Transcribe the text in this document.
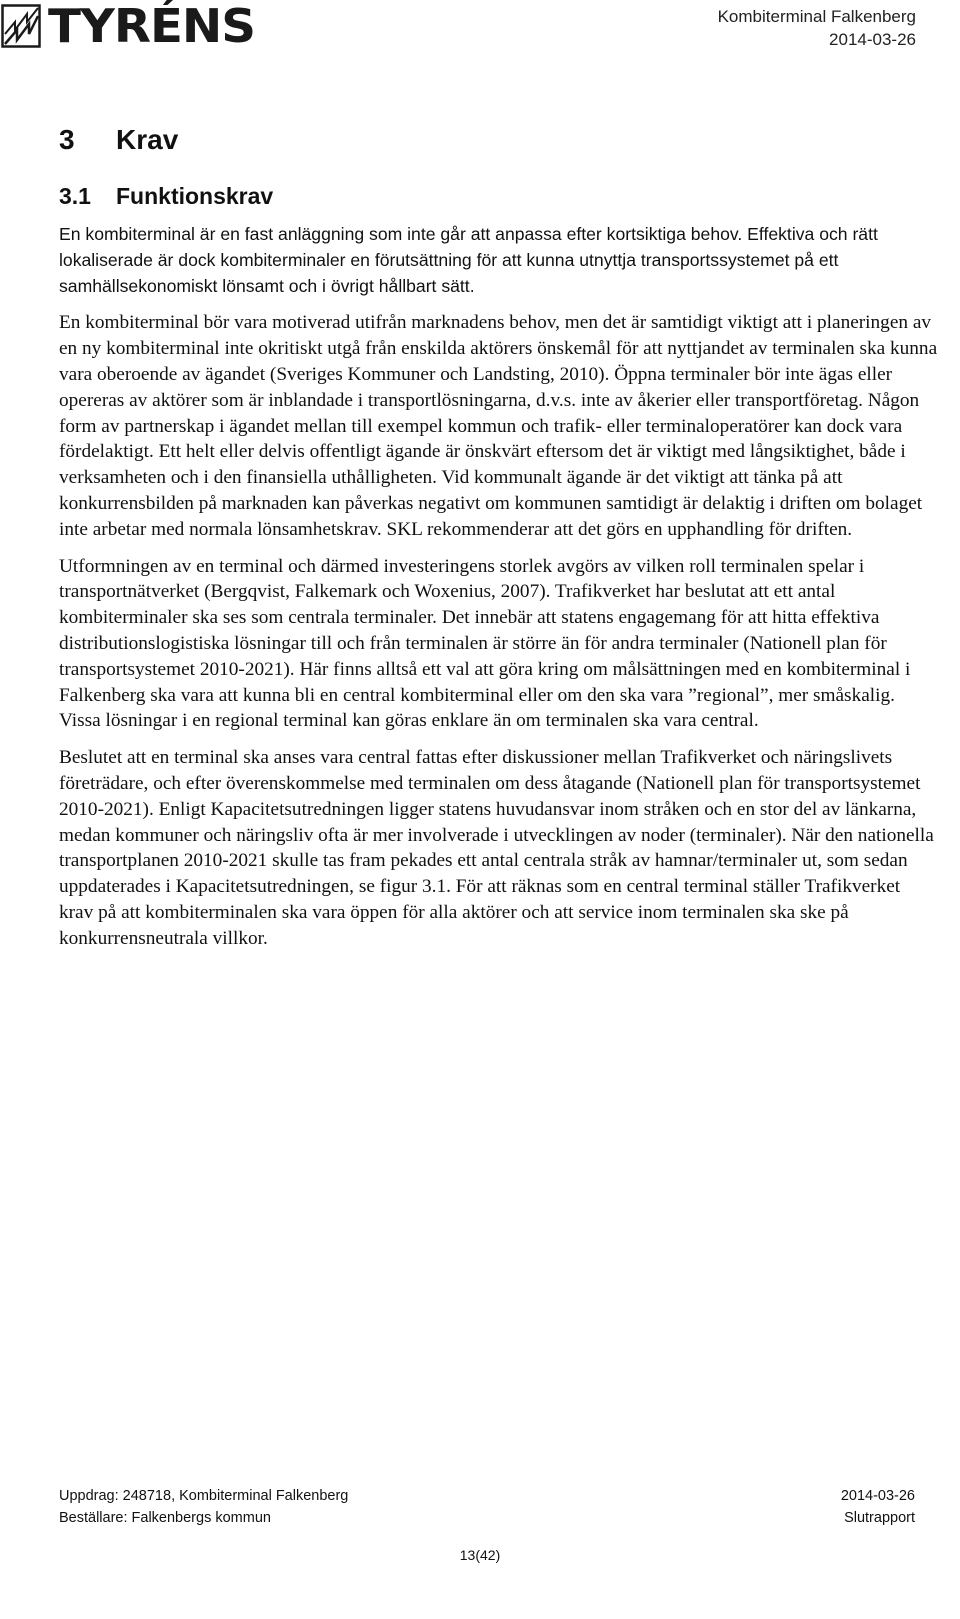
TYRÉNS	Kombiterminal Falkenberg
2014-03-26
3	Krav
3.1	Funktionskrav

En kombiterminal är en fast anläggning som inte går att anpassa efter kortsiktiga behov. Effektiva och rätt lokaliserade är dock kombiterminaler en förutsättning för att kunna utnyttja transportssystemet på ett samhällsekonomiskt lönsamt och i övrigt hållbart sätt.

En kombiterminal bör vara motiverad utifrån marknadens behov, men det är samtidigt viktigt att i planeringen av en ny kombiterminal inte okritiskt utgå från enskilda aktörers önskemål för att nyttjandet av terminalen ska kunna vara oberoende av ägandet (Sveriges Kommuner och Landsting, 2010). Öppna terminaler bör inte ägas eller opereras av aktörer som är inblandade i transportlösningarna, d.v.s. inte av åkerier eller transportföretag. Någon form av partnerskap i ägandet mellan till exempel kommun och trafik- eller terminaloperatörer kan dock vara fördelaktigt. Ett helt eller delvis offentligt ägande är önskvärt eftersom det är viktigt med långsiktighet, både i verksamheten och i den finansiella uthålligheten. Vid kommunalt ägande är det viktigt att tänka på att konkurrensbilden på marknaden kan påverkas negativt om kommunen samtidigt är delaktig i driften om bolaget inte arbetar med normala lönsamhetskrav. SKL rekommenderar att det görs en upphandling för driften.

Utformningen av en terminal och därmed investeringens storlek avgörs av vilken roll terminalen spelar i transportnätverket (Bergqvist, Falkemark och Woxenius, 2007). Trafikverket har beslutat att ett antal kombiterminaler ska ses som centrala terminaler. Det innebär att statens engagemang för att hitta effektiva distributionslogistiska lösningar till och från terminalen är större än för andra terminaler (Nationell plan för transportsystemet 2010-2021). Här finns alltså ett val att göra kring om målsättningen med en kombiterminal i Falkenberg ska vara att kunna bli en central kombiterminal eller om den ska vara ”regional”, mer småskalig. Vissa lösningar i en regional terminal kan göras enklare än om terminalen ska vara central.

Beslutet att en terminal ska anses vara central fattas efter diskussioner mellan Trafikverket och näringslivets företrädare, och efter överenskommelse med terminalen om dess åtagande (Nationell plan för transportsystemet 2010-2021). Enligt Kapacitetsutredningen ligger statens huvudansvar inom stråken och en stor del av länkarna, medan kommuner och näringsliv ofta är mer involverade i utvecklingen av noder (terminaler). När den nationella transportplanen 2010-2021 skulle tas fram pekades ett antal centrala stråk av hamnar/terminaler ut, som sedan uppdaterades i Kapacitetsutredningen, se figur 3.1. För att räknas som en central terminal ställer Trafikverket krav på att kombiterminalen ska vara öppen för alla aktörer och att service inom terminalen ska ske på konkurrensneutrala villkor.

Uppdrag: 248718, Kombiterminal Falkenberg	2014-03-26
Beställare: Falkenbergs kommun	Slutrapport
13(42)
